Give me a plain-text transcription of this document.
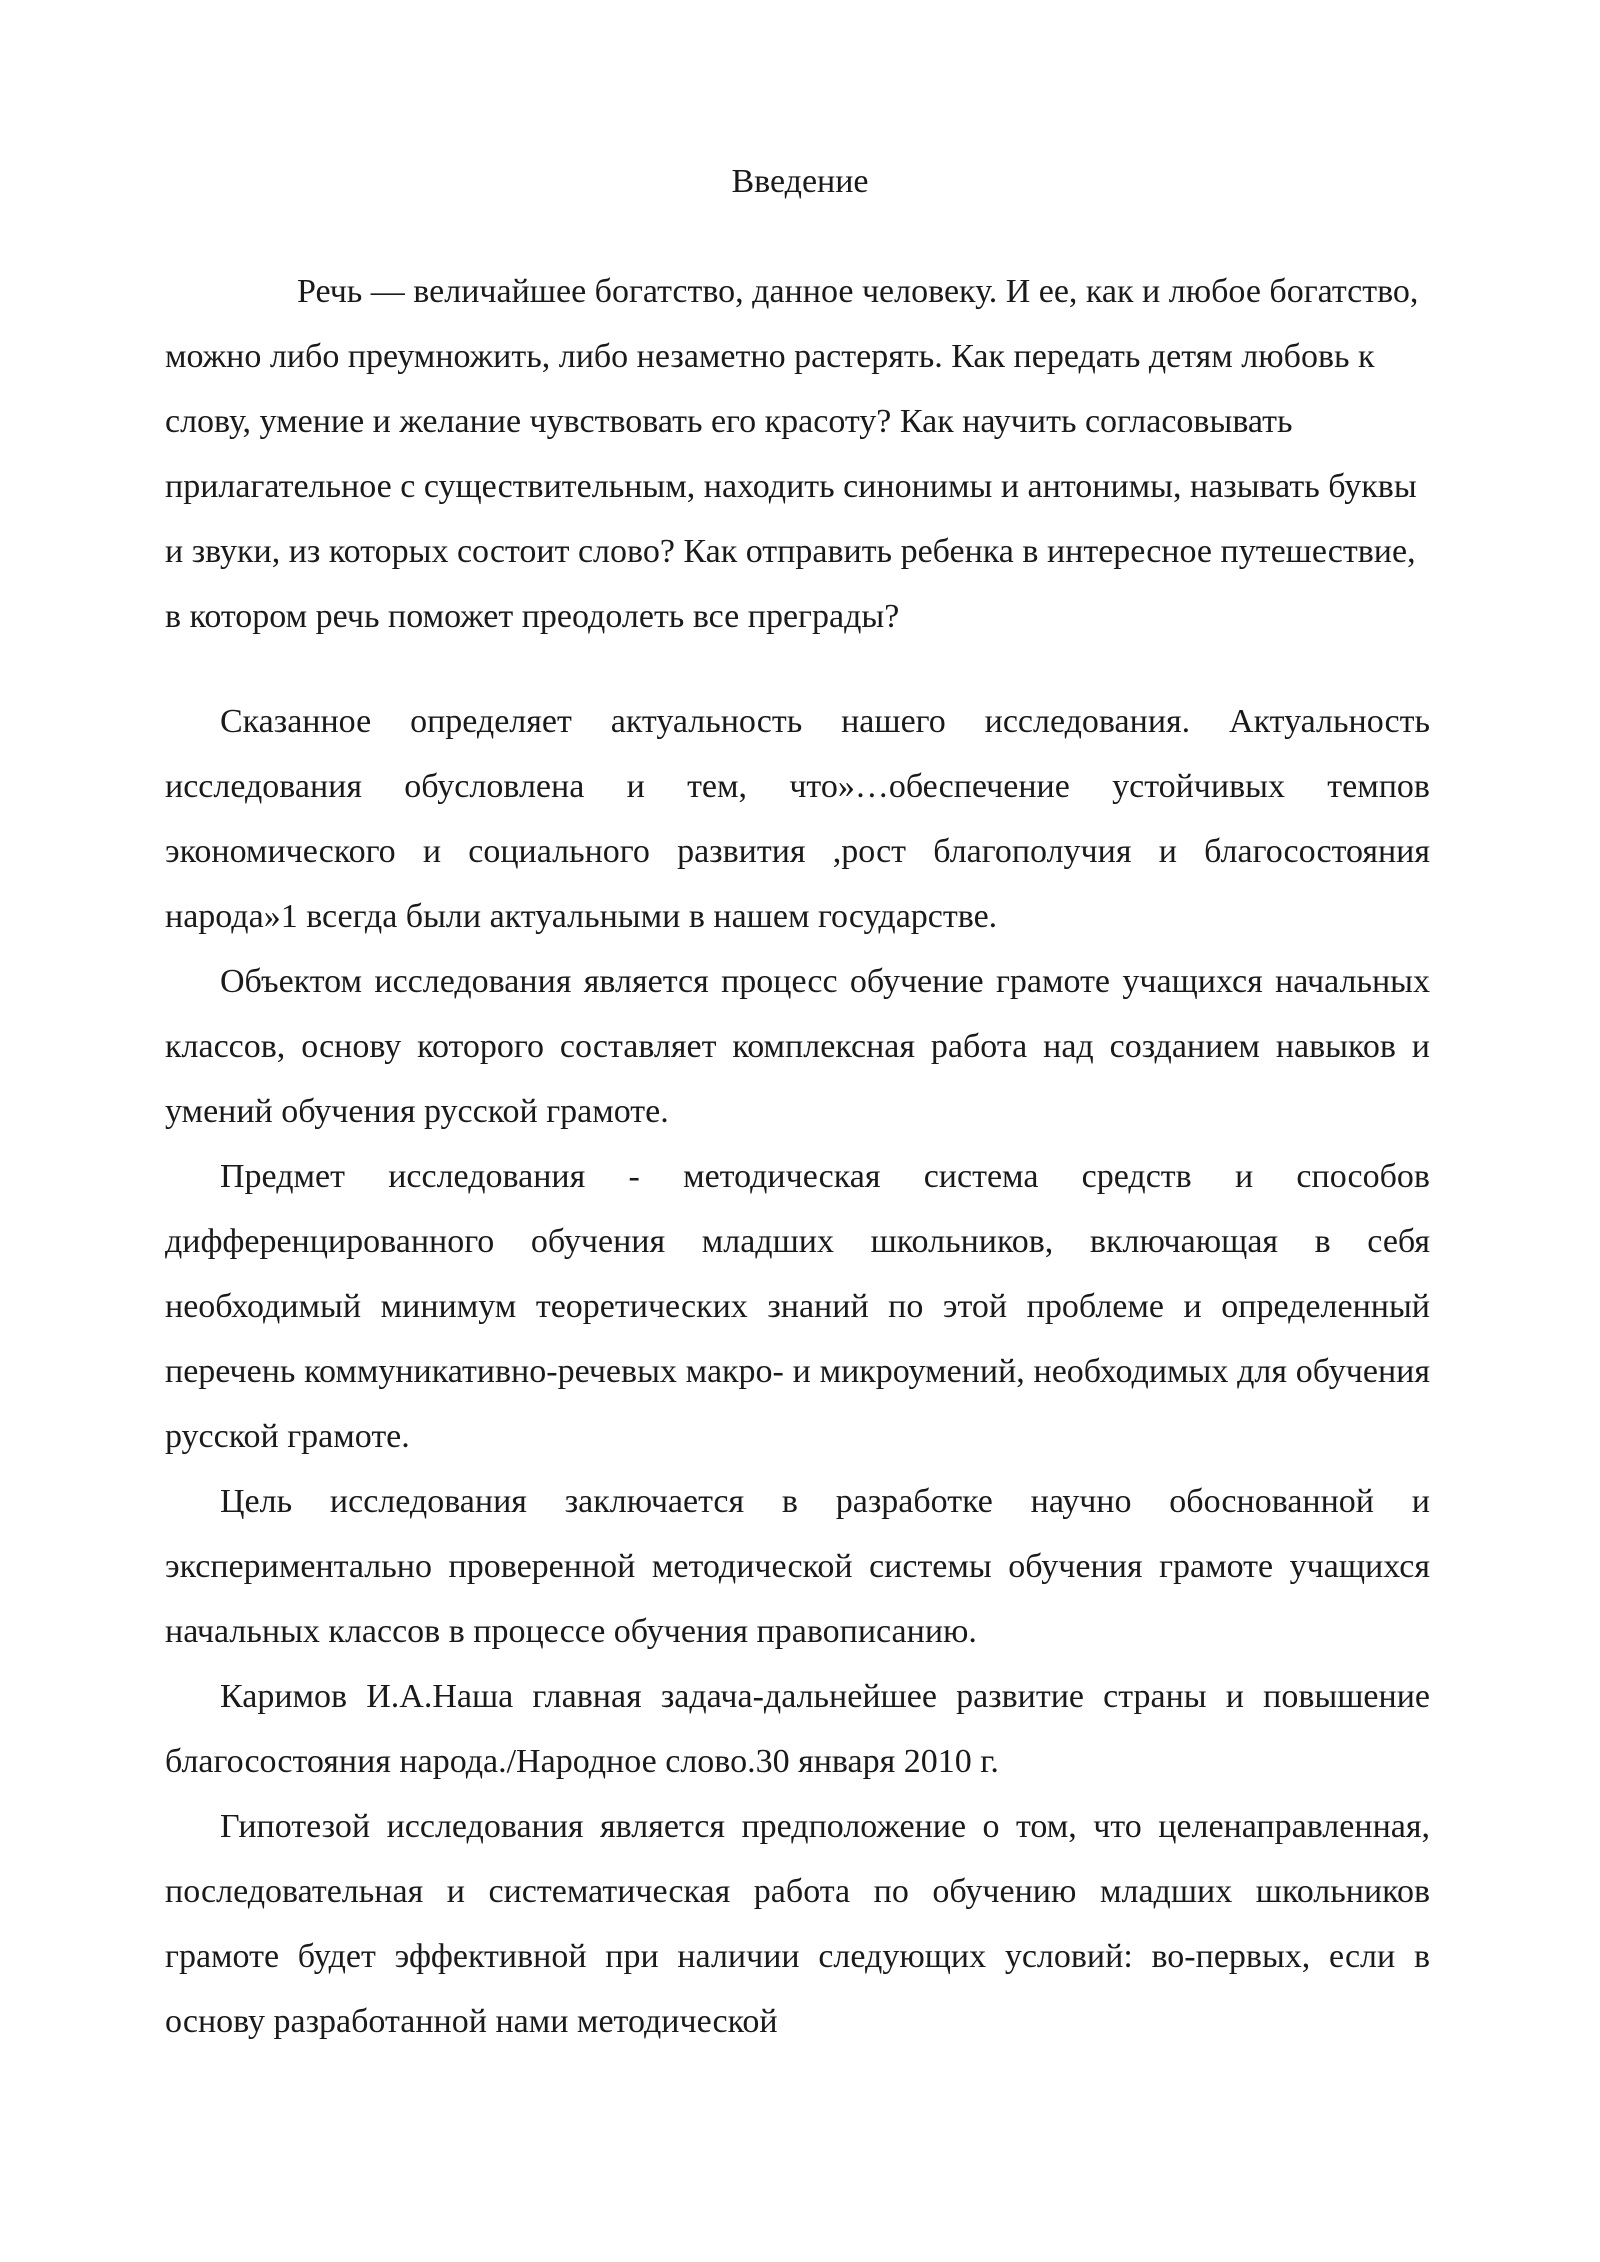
Введение

Речь — величайшее богатство, данное человеку. И ее, как и любое богатство, можно либо преумножить, либо незаметно растерять. Как передать детям любовь к слову, умение и желание чувствовать его красоту? Как научить согласовывать прилагательное с существительным, находить синонимы и антонимы, называть буквы и звуки, из которых состоит слово? Как отправить ребенка в интересное путешествие, в котором речь поможет преодолеть все преграды?

Сказанное определяет актуальность нашего исследования. Актуальность исследования обусловлена и тем, что»…обеспечение устойчивых темпов экономического и социального развития ,рост благополучия и благосостояния народа»1 всегда были актуальными в нашем государстве.

Объектом исследования является процесс обучение грамоте учащихся начальных классов, основу которого составляет комплексная работа над созданием навыков и умений обучения русской грамоте.

Предмет исследования - методическая система средств и способов дифференцированного обучения младших школьников, включающая в себя необходимый минимум теоретических знаний по этой проблеме и определенный перечень коммуникативно-речевых макро- и микроумений, необходимых для обучения русской грамоте.

Цель исследования заключается в разработке научно обоснованной и экспериментально проверенной методической системы обучения грамоте учащихся начальных классов в процессе обучения правописанию.

Каримов И.А.Наша главная задача-дальнейшее развитие страны и повышение благосостояния народа./Народное слово.30 января 2010 г.

Гипотезой исследования является предположение о том, что целенаправленная, последовательная и систематическая работа по обучению младших школьников грамоте будет эффективной при наличии следующих условий: во-первых, если в основу разработанной нами методической
